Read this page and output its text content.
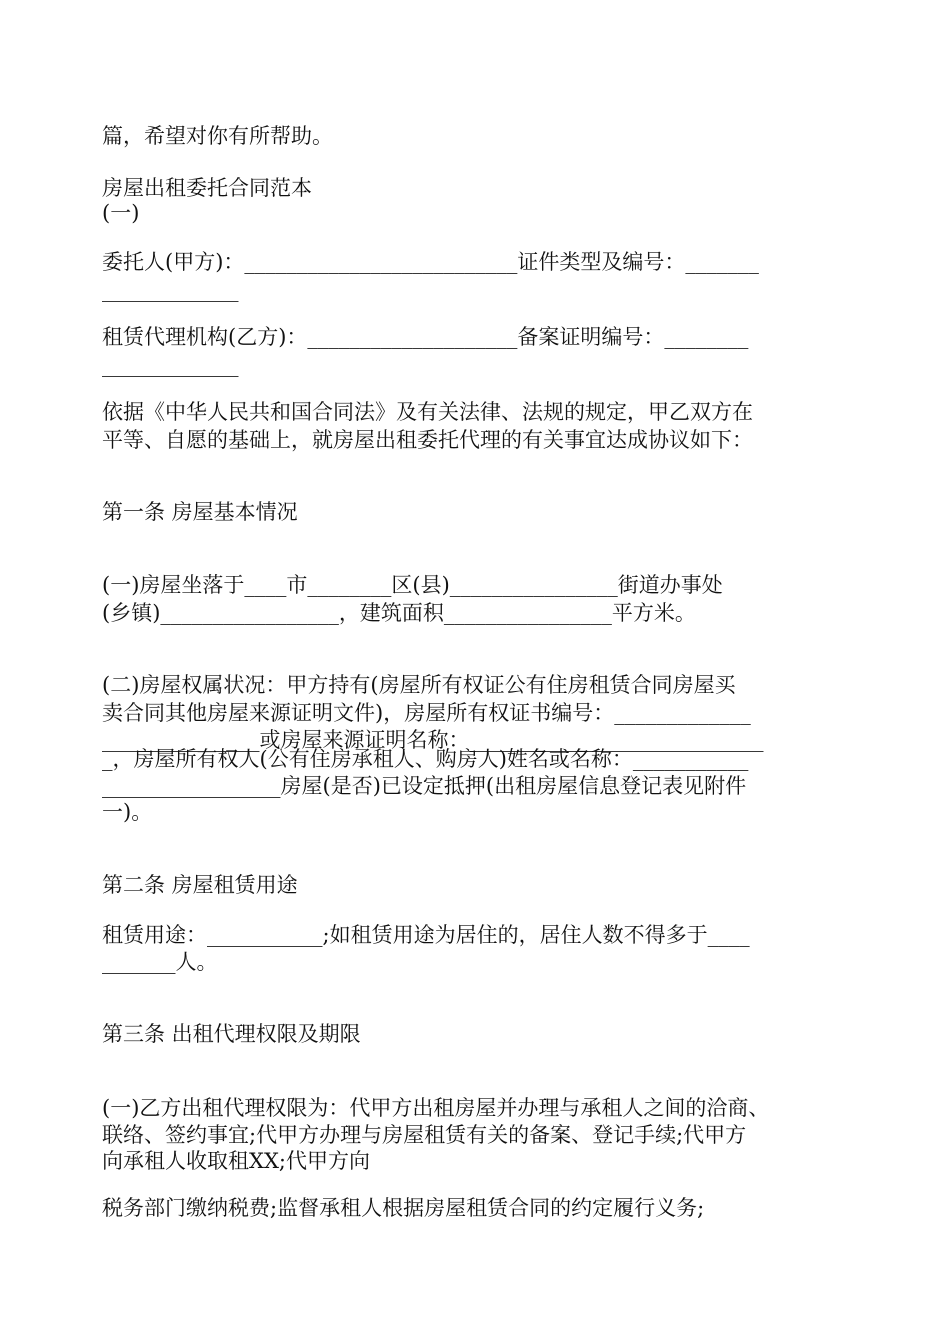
篇，希望对你有所帮助。
房屋出租委托合同范本
(一)
委托人(甲方)：__________________________证件类型及编号：_______
_____________
租赁代理机构(乙方)：____________________备案证明编号：________
_____________
依据《中华人民共和国合同法》及有关法律、法规的规定，甲乙双方在
平等、自愿的基础上，就房屋出租委托代理的有关事宜达成协议如下：
第一条 房屋基本情况
(一)房屋坐落于____市________区(县)________________街道办事处
(乡镇)_________________，建筑面积________________平方米。
(二)房屋权属状况：甲方持有(房屋所有权证公有住房租赁合同房屋买
卖合同其他房屋来源证明文件)，房屋所有权证书编号：_____________
_______________或房屋来源证明名称：____________________________
_，房屋所有权人(公有住房承租人、购房人)姓名或名称：___________
_________________房屋(是否)已设定抵押(出租房屋信息登记表见附件
一)。
第二条 房屋租赁用途
租赁用途：___________;如租赁用途为居住的，居住人数不得多于____
_______人。
第三条 出租代理权限及期限
(一)乙方出租代理权限为：代甲方出租房屋并办理与承租人之间的洽商、
联络、签约事宜;代甲方办理与房屋租赁有关的备案、登记手续;代甲方
向承租人收取租XX;代甲方向
税务部门缴纳税费;监督承租人根据房屋租赁合同的约定履行义务;
